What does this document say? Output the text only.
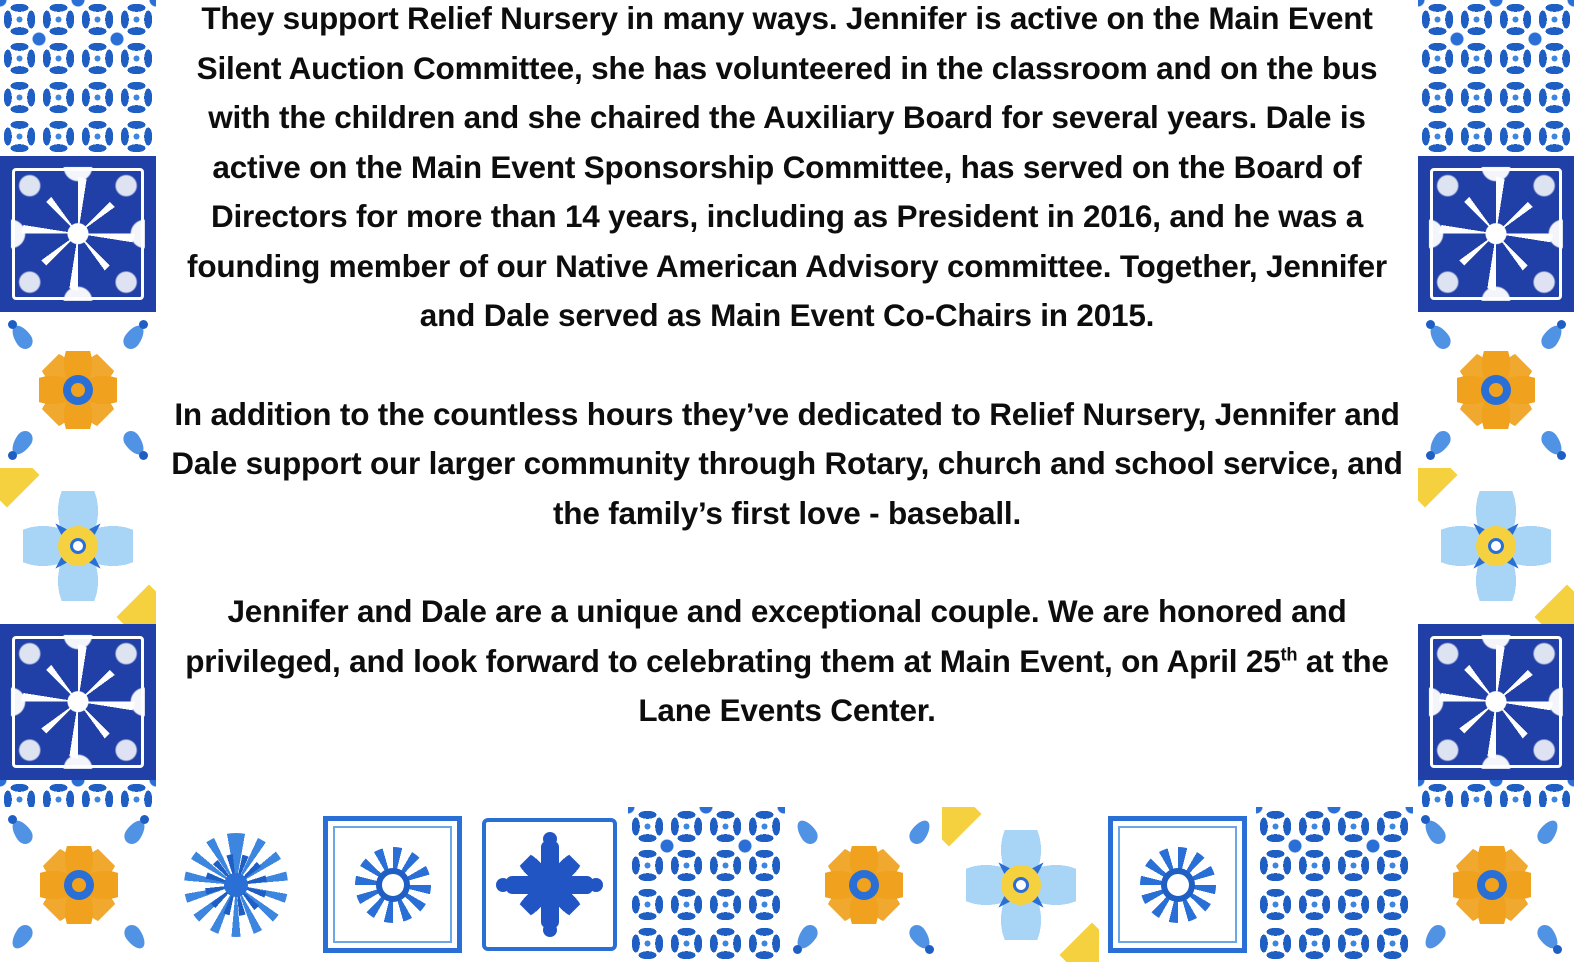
They support Relief Nursery in many ways. Jennifer is active on the Main Event Silent Auction Committee, she has volunteered in the classroom and on the bus with the children and she chaired the Auxiliary Board for several years. Dale is active on the Main Event Sponsorship Committee, has served on the Board of Directors for more than 14 years, including as President in 2016, and he was a founding member of our Native American Advisory committee. Together, Jennifer and Dale served as Main Event Co-Chairs in 2015.

In addition to the countless hours they’ve dedicated to Relief Nursery, Jennifer and Dale support our larger community through Rotary, church and school service, and the family’s first love - baseball.

Jennifer and Dale are a unique and exceptional couple. We are honored and privileged, and look forward to celebrating them at Main Event, on April 25th at the Lane Events Center.
